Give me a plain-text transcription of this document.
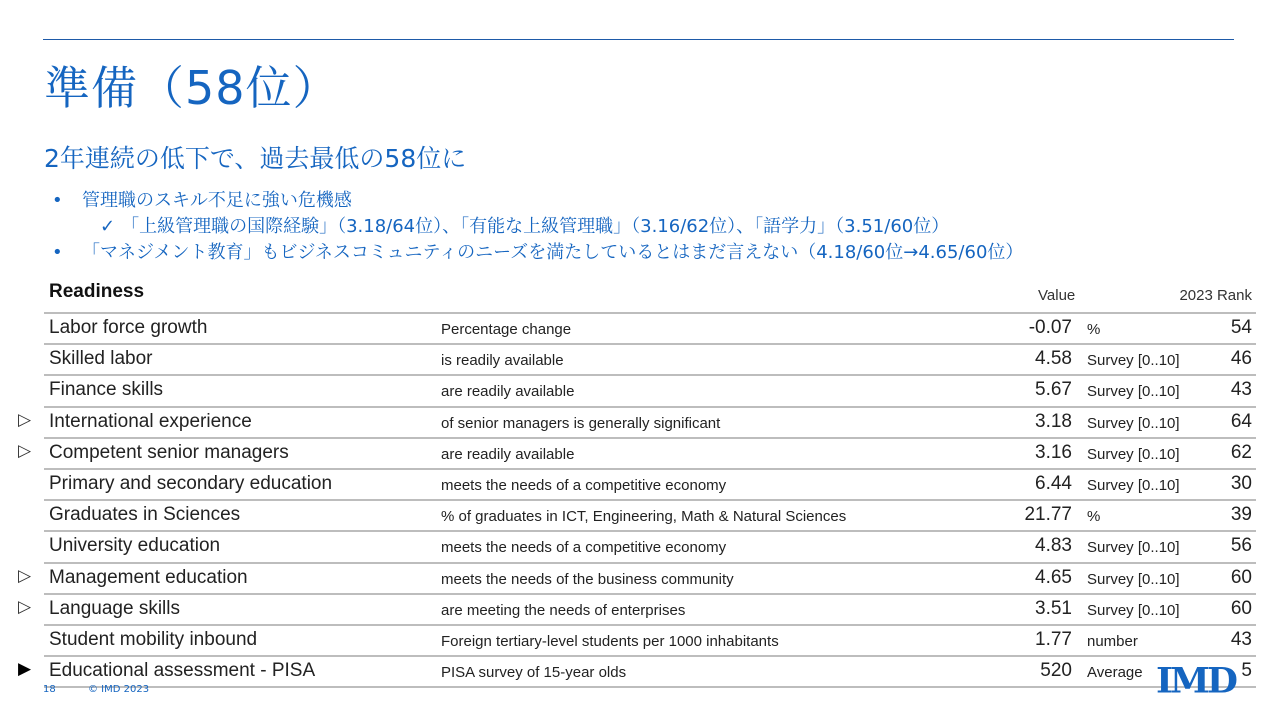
準備（58位）
2年連続の低下で、過去最低の58位に
• 管理職のスキル不足に強い危機感
✓ 「上級管理職の国際経験」（3.18/64位）、「有能な上級管理職」（3.16/62位）、「語学力」（3.51/60位）
• 「マネジメント教育」もビジネスコミュニティのニーズを満たしているとはまだ言えない（4.18/60位→4.65/60位）
Readiness	Value	2023 Rank
Labor force growth	Percentage change	-0.07 %	54
Skilled labor	is readily available	4.58 Survey [0..10]	46
Finance skills	are readily available	5.67 Survey [0..10]	43
▷ International experience	of senior managers is generally significant	3.18 Survey [0..10]	64
▷ Competent senior managers	are readily available	3.16 Survey [0..10]	62
Primary and secondary education	meets the needs of a competitive economy	6.44 Survey [0..10]	30
Graduates in Sciences	% of graduates in ICT, Engineering, Math & Natural Sciences	21.77 %	39
University education	meets the needs of a competitive economy	4.83 Survey [0..10]	56
▷ Management education	meets the needs of the business community	4.65 Survey [0..10]	60
▷ Language skills	are meeting the needs of enterprises	3.51 Survey [0..10]	60
Student mobility inbound	Foreign tertiary-level students per 1000 inhabitants	1.77 number	43
▶ Educational assessment - PISA	PISA survey of 15-year olds	520 Average	5
18	© IMD 2023	IMD
